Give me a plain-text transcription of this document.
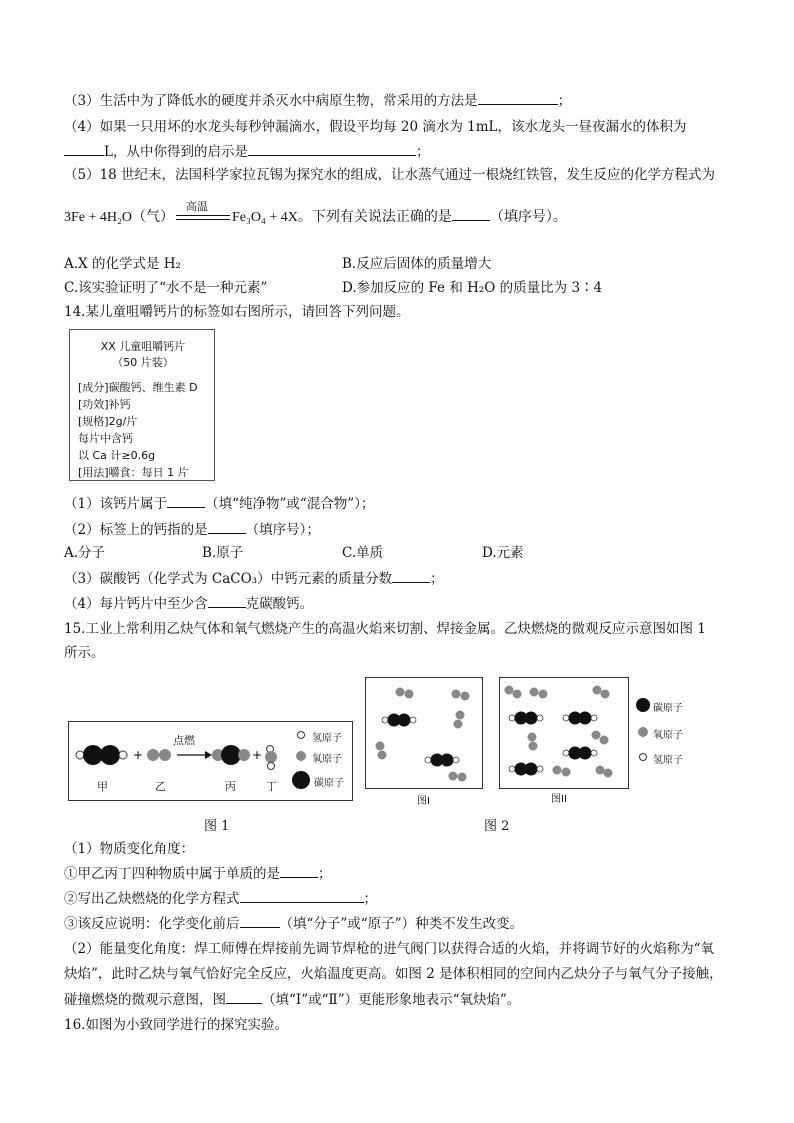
（3）生活中为了降低水的硬度并杀灭水中病原生物，常采用的方法是	；
（4）如果一只用坏的水龙头每秒钟漏滴水，假设平均每 20 滴水为 1mL，该水龙头一昼夜漏水的体积为
L，从中你得到的启示是	；
（5）18 世纪末，法国科学家拉瓦锡为探究水的组成，让水蒸气通过一根烧红铁管，发生反应的化学方程式为
3Fe + 4H₂O（气）
高温
Fe₃O₄ + 4X。下列有关说法正确的是	（填序号）。
A.X 的化学式是 H₂	B.反应后固体的质量增大
C.该实验证明了“水不是一种元素”	D.参加反应的 Fe 和 H₂O 的质量比为 3∶4
14.某儿童咀嚼钙片的标签如右图所示，请回答下列问题。
XX 儿童咀嚼钙片
（50 片装）
[成分]碳酸钙、维生素 D
[功效]补钙
[规格]2g/片
每片中含钙
以 Ca 计≥0.6g
[用法]嚼食：每日 1 片
（1）该钙片属于	（填“纯净物”或“混合物”）；
（2）标签上的钙指的是	（填序号）；
A.分子	B.原子	C.单质	D.元素
（3）碳酸钙（化学式为 CaCO₃）中钙元素的质量分数	；
（4）每片钙片中至少含	克碳酸钙。
15.工业上常利用乙炔气体和氧气燃烧产生的高温火焰来切割、焊接金属。乙炔燃烧的微观反应示意图如图 1
所示。
+	+
点燃
甲	乙	丙	丁
氢原子
氧原子
碳原子
图I	图II
碳原子
氧原子
氢原子
图 1	图 2
（1）物质变化角度：
①甲乙丙丁四种物质中属于单质的是	；
②写出乙炔燃烧的化学方程式	；
③该反应说明：化学变化前后	（填“分子”或“原子”）种类不发生改变。
（2）能量变化角度：焊工师傅在焊接前先调节焊枪的进气阀门以获得合适的火焰，并将调节好的火焰称为“氧
炔焰”，此时乙炔与氧气恰好完全反应，火焰温度更高。如图 2 是体积相同的空间内乙炔分子与氧气分子接触，
碰撞燃烧的微观示意图，图	（填“I”或“Ⅱ”）更能形象地表示“氧炔焰”。
16.如图为小致同学进行的探究实验。
